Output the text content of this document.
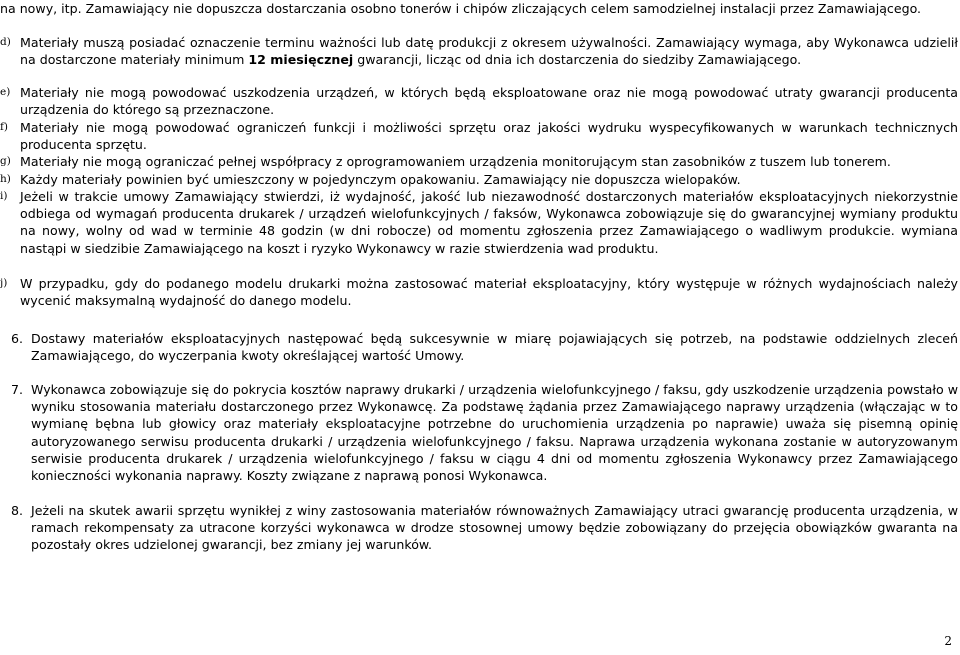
na nowy, itp. Zamawiający nie dopuszcza dostarczania osobno tonerów i chipów zliczających celem samodzielnej instalacji przez Zamawiającego.
d) Materiały muszą posiadać oznaczenie terminu ważności lub datę produkcji z okresem używalności. Zamawiający wymaga, aby Wykonawca udzielił na dostarczone materiały minimum 12 miesięcznej gwarancji, licząc od dnia ich dostarczenia do siedziby Zamawiającego.
e) Materiały nie mogą powodować uszkodzenia urządzeń, w których będą eksploatowane oraz nie mogą powodować utraty gwarancji producenta urządzenia do którego są przeznaczone.
f) Materiały nie mogą powodować ograniczeń funkcji i możliwości sprzętu oraz jakości wydruku wyspecyfikowanych w warunkach technicznych producenta sprzętu.
g) Materiały nie mogą ograniczać pełnej współpracy z oprogramowaniem urządzenia monitorującym stan zasobników z tuszem lub tonerem.
h) Każdy materiały powinien być umieszczony w pojedynczym opakowaniu. Zamawiający nie dopuszcza wielopaków.
i) Jeżeli w trakcie umowy Zamawiający stwierdzi, iż wydajność, jakość lub niezawodność dostarczonych materiałów eksploatacyjnych niekorzystnie odbiega od wymagań producenta drukarek / urządzeń wielofunkcyjnych / faksów, Wykonawca zobowiązuje się do gwarancyjnej wymiany produktu na nowy, wolny od wad w terminie 48 godzin (w dni robocze) od momentu zgłoszenia przez Zamawiającego o wadliwym produkcie. wymiana nastąpi w siedzibie Zamawiającego na koszt i ryzyko Wykonawcy w razie stwierdzenia wad produktu.
j) W przypadku, gdy do podanego modelu drukarki można zastosować materiał eksploatacyjny, który występuje w różnych wydajnościach należy wycenić maksymalną wydajność do danego modelu.
6. Dostawy materiałów eksploatacyjnych następować będą sukcesywnie w miarę pojawiających się potrzeb, na podstawie oddzielnych zleceń Zamawiającego, do wyczerpania kwoty określającej wartość Umowy.
7. Wykonawca zobowiązuje się do pokrycia kosztów naprawy drukarki / urządzenia wielofunkcyjnego / faksu, gdy uszkodzenie urządzenia powstało w wyniku stosowania materiału dostarczonego przez Wykonawcę. Za podstawę żądania przez Zamawiającego naprawy urządzenia (włączając w to wymianę bębna lub głowicy oraz materiały eksploatacyjne potrzebne do uruchomienia urządzenia po naprawie) uważa się pisemną opinię autoryzowanego serwisu producenta drukarki / urządzenia wielofunkcyjnego / faksu. Naprawa urządzenia wykonana zostanie w autoryzowanym serwisie producenta drukarek / urządzenia wielofunkcyjnego / faksu w ciągu 4 dni od momentu zgłoszenia Wykonawcy przez Zamawiającego konieczności wykonania naprawy. Koszty związane z naprawą ponosi Wykonawca.
8. Jeżeli na skutek awarii sprzętu wynikłej z winy zastosowania materiałów równoważnych Zamawiający utraci gwarancję producenta urządzenia, w ramach rekompensaty za utracone korzyści wykonawca w drodze stosownej umowy będzie zobowiązany do przejęcia obowiązków gwaranta na pozostały okres udzielonej gwarancji, bez zmiany jej warunków.
2
